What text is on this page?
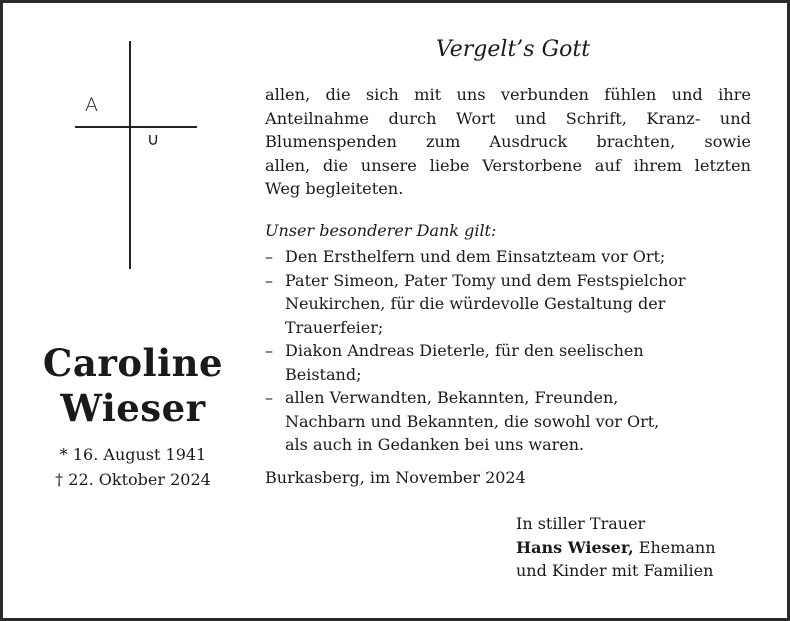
A
∩
Caroline
Wieser
* 16. August 1941
† 22. Oktober 2024
Vergelt’s Gott
allen, die sich mit uns verbunden fühlen und ihre
Anteilnahme durch Wort und Schrift, Kranz- und
Blumenspenden zum Ausdruck brachten, sowie
allen, die unsere liebe Verstorbene auf ihrem letzten
Weg begleiteten.
Unser besonderer Dank gilt:
– Den Ersthelfern und dem Einsatzteam vor Ort;
– Pater Simeon, Pater Tomy und dem Festspielchor
Neukirchen, für die würdevolle Gestaltung der
Trauerfeier;
– Diakon Andreas Dieterle, für den seelischen
Beistand;
– allen Verwandten, Bekannten, Freunden,
Nachbarn und Bekannten, die sowohl vor Ort,
als auch in Gedanken bei uns waren.
Burkasberg, im November 2024
In stiller Trauer
Hans Wieser, Ehemann
und Kinder mit Familien
